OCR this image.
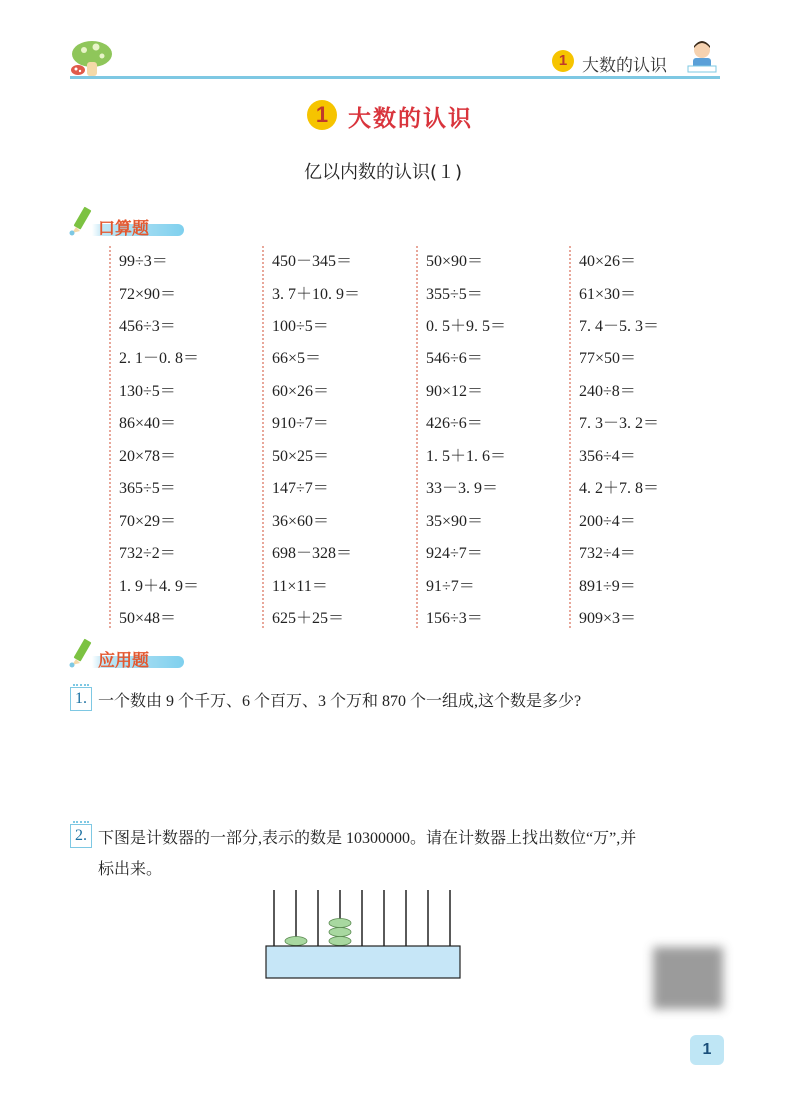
1 大数的认识
1 大数的认识
亿以内数的认识(１)
口算题
99÷3＝
72×90＝
456÷3＝
2. 1－0. 8＝
130÷5＝
86×40＝
20×78＝
365÷5＝
70×29＝
732÷2＝
1. 9＋4. 9＝
50×48＝
450－345＝
3. 7＋10. 9＝
100÷5＝
66×5＝
60×26＝
910÷7＝
50×25＝
147÷7＝
36×60＝
698－328＝
11×11＝
625＋25＝
50×90＝
355÷5＝
0. 5＋9. 5＝
546÷6＝
90×12＝
426÷6＝
1. 5＋1. 6＝
33－3. 9＝
35×90＝
924÷7＝
91÷7＝
156÷3＝
40×26＝
61×30＝
7. 4－5. 3＝
77×50＝
240÷8＝
7. 3－3. 2＝
356÷4＝
4. 2＋7. 8＝
200÷4＝
732÷4＝
891÷9＝
909×3＝
应用题
1. 一个数由 9 个千万、6 个百万、3 个万和 870 个一组成,这个数是多少?
2. 下图是计数器的一部分,表示的数是 10300000。请在计数器上找出数位“万”,并
标出来。
1
